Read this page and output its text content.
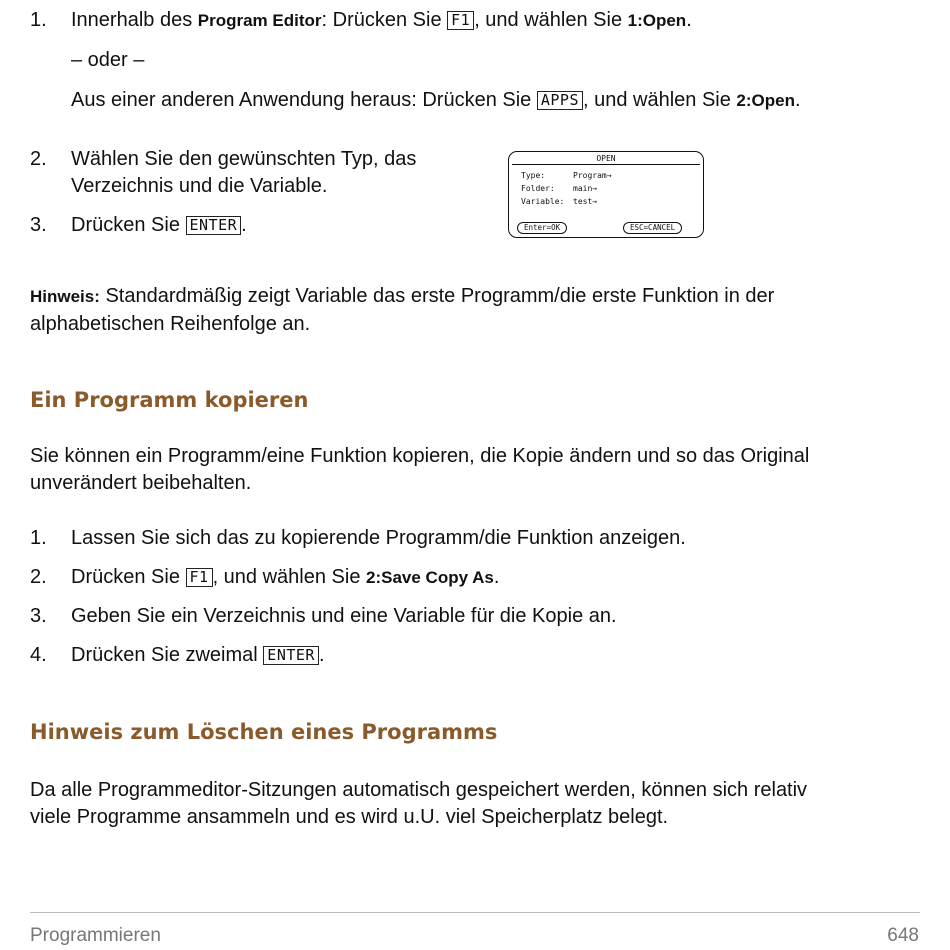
1. Innerhalb des Program Editor: Drücken Sie F1 , und wählen Sie 1:Open.
– oder –
Aus einer anderen Anwendung heraus: Drücken Sie APPS , und wählen Sie 2:Open.
2. Wählen Sie den gewünschten Typ, das
Verzeichnis und die Variable.
3. Drücken Sie ENTER .
OPEN
Type:	Program→
Folder: main→
Variable: test→
Enter=OK	ESC=CANCEL
Hinweis: Standardmäßig zeigt Variable das erste Programm/die erste Funktion in der
alphabetischen Reihenfolge an.
Ein Programm kopieren
Sie können ein Programm/eine Funktion kopieren, die Kopie ändern und so das Original
unverändert beibehalten.
1. Lassen Sie sich das zu kopierende Programm/die Funktion anzeigen.
2. Drücken Sie F1 , und wählen Sie 2:Save Copy As.
3. Geben Sie ein Verzeichnis und eine Variable für die Kopie an.
4. Drücken Sie zweimal ENTER .
Hinweis zum Löschen eines Programms
Da alle Programmeditor-Sitzungen automatisch gespeichert werden, können sich relativ
viele Programme ansammeln und es wird u.U. viel Speicherplatz belegt.
Programmieren	648
